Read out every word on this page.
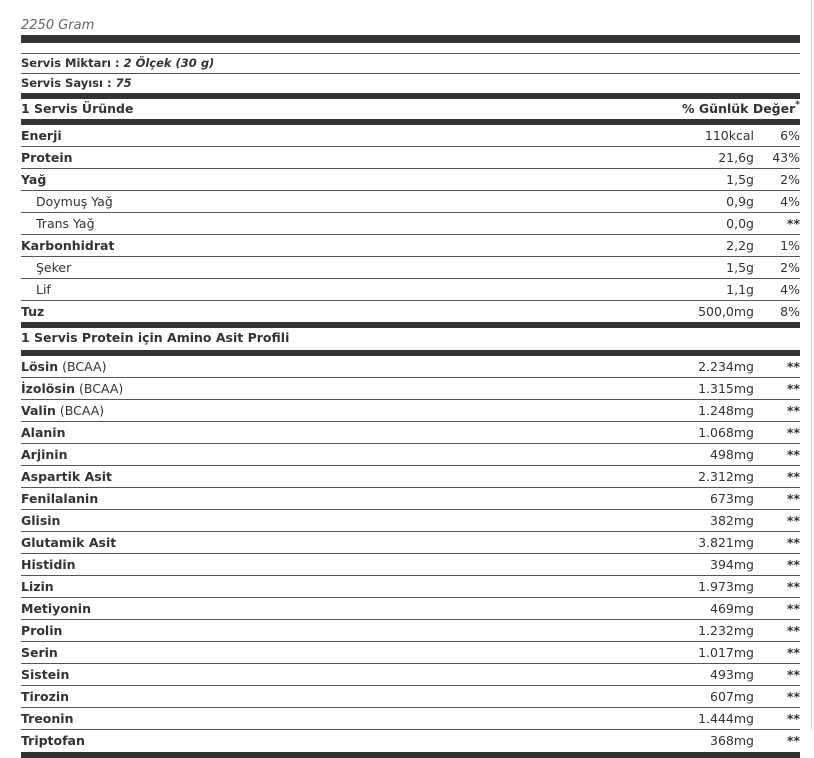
2250 Gram
Servis Miktarı : 2 Ölçek (30 g)
Servis Sayısı : 75
1 Servis Üründe	% Günlük Değer*
Enerji	110kcal 6%
Protein	21,6g 43%
Yağ	1,5g 2%
Doymuş Yağ	0,9g 4%
Trans Yağ	0,0g	**
Karbonhidrat	2,2g 1%
Şeker	1,5g 2%
Lif	1,1g 4%
Tuz	500,0mg 8%
1 Servis Protein için Amino Asit Profili
Lösin (BCAA)	2.234mg	**
İzolösin (BCAA)	1.315mg	**
Valin (BCAA)	1.248mg	**
Alanin	1.068mg	**
Arjinin	498mg	**
Aspartik Asit	2.312mg	**
Fenilalanin	673mg	**
Glisin	382mg	**
Glutamik Asit	3.821mg	**
Histidin	394mg	**
Lizin	1.973mg	**
Metiyonin	469mg	**
Prolin	1.232mg	**
Serin	1.017mg	**
Sistein	493mg	**
Tirozin	607mg	**
Treonin	1.444mg	**
Triptofan	368mg	**
